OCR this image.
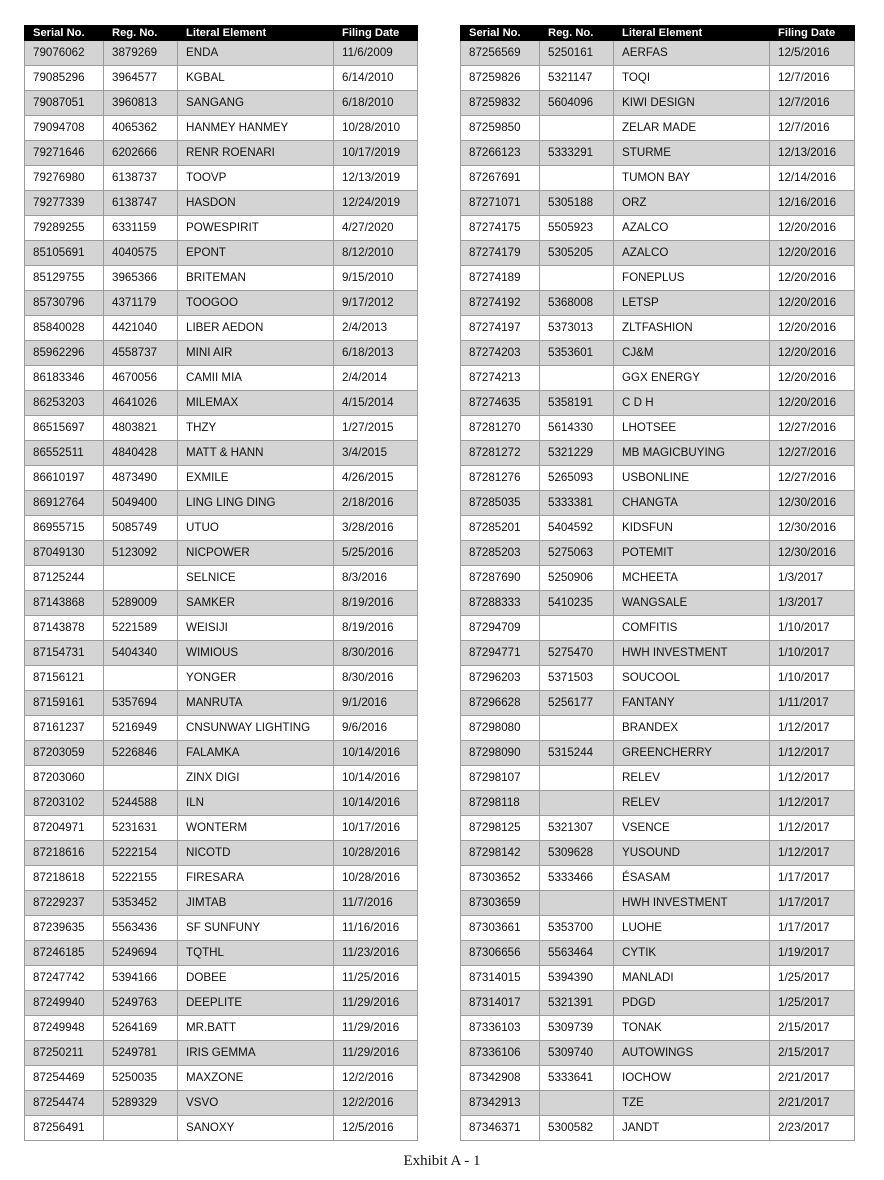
Serial No.	Reg. No.	Literal Element	Filing Date
79076062	3879269	ENDA	11/6/2009
79085296	3964577	KGBAL	6/14/2010
79087051	3960813	SANGANG	6/18/2010
79094708	4065362	HANMEY HANMEY	10/28/2010
79271646	6202666	RENR ROENARI	10/17/2019
79276980	6138737	TOOVP	12/13/2019
79277339	6138747	HASDON	12/24/2019
79289255	6331159	POWESPIRIT	4/27/2020
85105691	4040575	EPONT	8/12/2010
85129755	3965366	BRITEMAN	9/15/2010
85730796	4371179	TOOGOO	9/17/2012
85840028	4421040	LIBER AEDON	2/4/2013
85962296	4558737	MINI AIR	6/18/2013
86183346	4670056	CAMII MIA	2/4/2014
86253203	4641026	MILEMAX	4/15/2014
86515697	4803821	THZY	1/27/2015
86552511	4840428	MATT & HANN	3/4/2015
86610197	4873490	EXMILE	4/26/2015
86912764	5049400	LING LING DING	2/18/2016
86955715	5085749	UTUO	3/28/2016
87049130	5123092	NICPOWER	5/25/2016
87125244		SELNICE	8/3/2016
87143868	5289009	SAMKER	8/19/2016
87143878	5221589	WEISIJI	8/19/2016
87154731	5404340	WIMIOUS	8/30/2016
87156121		YONGER	8/30/2016
87159161	5357694	MANRUTA	9/1/2016
87161237	5216949	CNSUNWAY LIGHTING	9/6/2016
87203059	5226846	FALAMKA	10/14/2016
87203060		ZINX DIGI	10/14/2016
87203102	5244588	ILN	10/14/2016
87204971	5231631	WONTERM	10/17/2016
87218616	5222154	NICOTD	10/28/2016
87218618	5222155	FIRESARA	10/28/2016
87229237	5353452	JIMTAB	11/7/2016
87239635	5563436	SF SUNFUNY	11/16/2016
87246185	5249694	TQTHL	11/23/2016
87247742	5394166	DOBEE	11/25/2016
87249940	5249763	DEEPLITE	11/29/2016
87249948	5264169	MR.BATT	11/29/2016
87250211	5249781	IRIS GEMMA	11/29/2016
87254469	5250035	MAXZONE	12/2/2016
87254474	5289329	VSVO	12/2/2016
87256491		SANOXY	12/5/2016
Serial No.	Reg. No.	Literal Element	Filing Date
87256569	5250161	AERFAS	12/5/2016
87259826	5321147	TOQI	12/7/2016
87259832	5604096	KIWI DESIGN	12/7/2016
87259850		ZELAR MADE	12/7/2016
87266123	5333291	STURME	12/13/2016
87267691		TUMON BAY	12/14/2016
87271071	5305188	ORZ	12/16/2016
87274175	5505923	AZALCO	12/20/2016
87274179	5305205	AZALCO	12/20/2016
87274189		FONEPLUS	12/20/2016
87274192	5368008	LETSP	12/20/2016
87274197	5373013	ZLTFASHION	12/20/2016
87274203	5353601	CJ&M	12/20/2016
87274213		GGX ENERGY	12/20/2016
87274635	5358191	C D H	12/20/2016
87281270	5614330	LHOTSEE	12/27/2016
87281272	5321229	MB MAGICBUYING	12/27/2016
87281276	5265093	USBONLINE	12/27/2016
87285035	5333381	CHANGTA	12/30/2016
87285201	5404592	KIDSFUN	12/30/2016
87285203	5275063	POTEMIT	12/30/2016
87287690	5250906	MCHEETA	1/3/2017
87288333	5410235	WANGSALE	1/3/2017
87294709		COMFITIS	1/10/2017
87294771	5275470	HWH INVESTMENT	1/10/2017
87296203	5371503	SOUCOOL	1/10/2017
87296628	5256177	FANTANY	1/11/2017
87298080		BRANDEX	1/12/2017
87298090	5315244	GREENCHERRY	1/12/2017
87298107		RELEV	1/12/2017
87298118		RELEV	1/12/2017
87298125	5321307	VSENCE	1/12/2017
87298142	5309628	YUSOUND	1/12/2017
87303652	5333466	ÉSASAM	1/17/2017
87303659		HWH INVESTMENT	1/17/2017
87303661	5353700	LUOHE	1/17/2017
87306656	5563464	CYTIK	1/19/2017
87314015	5394390	MANLADI	1/25/2017
87314017	5321391	PDGD	1/25/2017
87336103	5309739	TONAK	2/15/2017
87336106	5309740	AUTOWINGS	2/15/2017
87342908	5333641	IOCHOW	2/21/2017
87342913		TZE	2/21/2017
87346371	5300582	JANDT	2/23/2017
Exhibit A - 1
